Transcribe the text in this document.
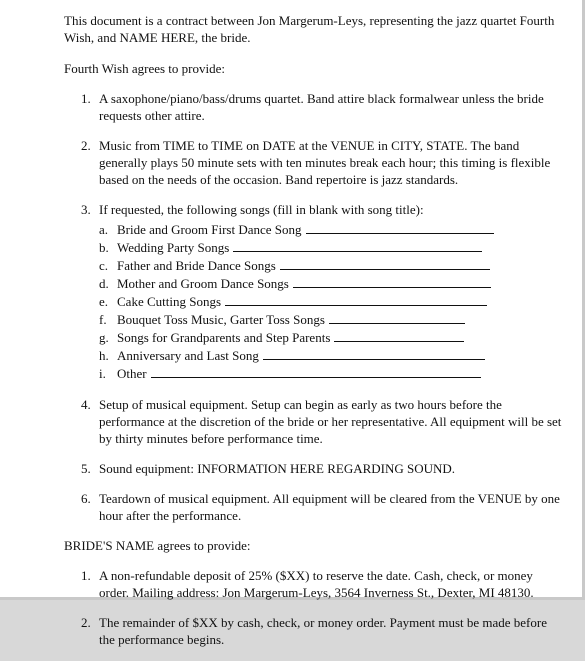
This document is a contract between Jon Margerum-Leys, representing the jazz quartet Fourth Wish, and NAME HERE, the bride.

Fourth Wish agrees to provide:

1. A saxophone/piano/bass/drums quartet. Band attire black formalwear unless the bride requests other attire.
2. Music from TIME to TIME on DATE at the VENUE in CITY, STATE. The band generally plays 50 minute sets with ten minutes break each hour; this timing is flexible based on the needs of the occasion. Band repertoire is jazz standards.
3. If requested, the following songs (fill in blank with song title):
a. Bride and Groom First Dance Song
b. Wedding Party Songs
c. Father and Bride Dance Songs
d. Mother and Groom Dance Songs
e. Cake Cutting Songs
f. Bouquet Toss Music, Garter Toss Songs
g. Songs for Grandparents and Step Parents
h. Anniversary and Last Song
i. Other
4. Setup of musical equipment. Setup can begin as early as two hours before the performance at the discretion of the bride or her representative. All equipment will be set by thirty minutes before performance time.
5. Sound equipment: INFORMATION HERE REGARDING SOUND.
6. Teardown of musical equipment. All equipment will be cleared from the VENUE by one hour after the performance.

BRIDE'S NAME agrees to provide:

1. A non-refundable deposit of 25% ($XX) to reserve the date. Cash, check, or money order. Mailing address: Jon Margerum-Leys, 3564 Inverness St., Dexter, MI 48130.
2. The remainder of $XX by cash, check, or money order. Payment must be made before the performance begins.
